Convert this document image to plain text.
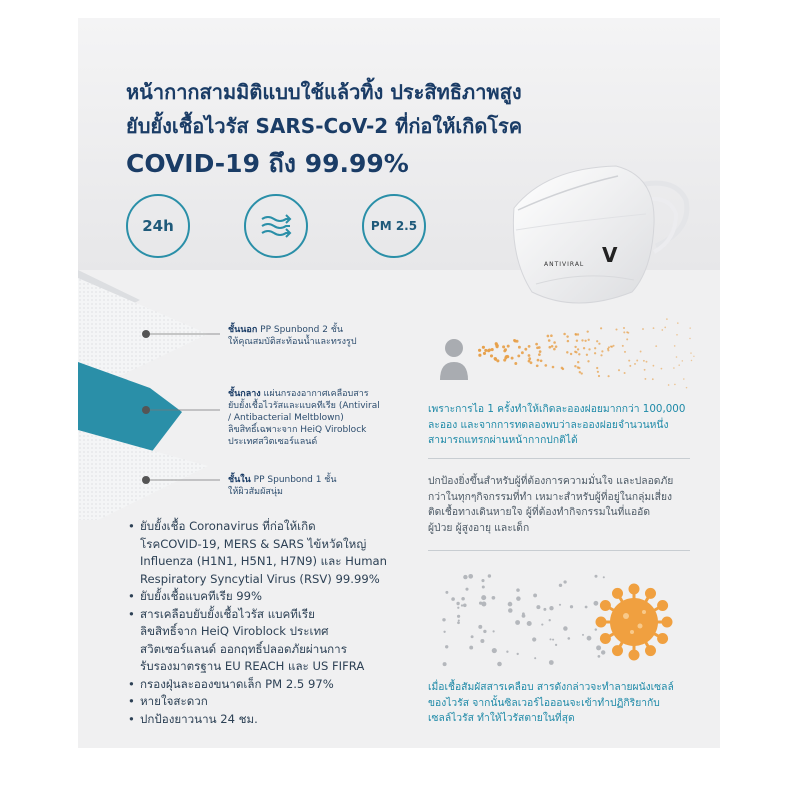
หน้ากากสามมิติแบบใช้แล้วทิ้ง ประสิทธิภาพสูง
ยับยั้งเชื้อไวรัส SARS-CoV-2 ที่ก่อให้เกิดโรค
COVID-19 ถึง 99.99%
24h	PM 2.5
ANTIVIRAL V
ชั้นนอก PP Spunbond 2 ชั้น
ให้คุณสมบัติสะท้อนน้ำและทรงรูป
ชั้นกลาง แผ่นกรองอากาศเคลือบสาร
ยับยั้งเชื้อไวรัสและแบคทีเรีย (Antiviral
/ Antibacterial Meltblown)
ลิขสิทธิ์เฉพาะจาก HeiQ Viroblock
ประเทศสวิตเซอร์แลนด์
ชั้นใน PP Spunbond 1 ชั้น
ให้ผิวสัมผัสนุ่ม
• ยับยั้งเชื้อ Coronavirus ที่ก่อให้เกิด
โรคCOVID-19, MERS & SARS ไข้หวัดใหญ่
Influenza (H1N1, H5N1, H7N9) และ Human
Respiratory Syncytial Virus (RSV) 99.99%
• ยับยั้งเชื้อแบคทีเรีย 99%
• สารเคลือบยับยั้งเชื้อไวรัส แบคทีเรีย
ลิขสิทธิ์จาก HeiQ Viroblock ประเทศ
สวิตเซอร์แลนด์ ออกฤทธิ์ปลอดภัยผ่านการ
รับรองมาตรฐาน EU REACH และ US FIFRA
• กรองฝุ่นละอองขนาดเล็ก PM 2.5 97%
• หายใจสะดวก
• ปกป้องยาวนาน 24 ชม.
เพราะการไอ 1 ครั้งทำให้เกิดละอองฝอยมากกว่า 100,000
ละออง และจากการทดลองพบว่าละอองฝอยจำนวนหนึ่ง
สามารถแทรกผ่านหน้ากากปกติได้
ปกป้องยิ่งขึ้นสำหรับผู้ที่ต้องการความมั่นใจ และปลอดภัย
กว่าในทุกๆกิจกรรมที่ทำ เหมาะสำหรับผู้ที่อยู่ในกลุ่มเสี่ยง
ติดเชื้อทางเดินหายใจ ผู้ที่ต้องทำกิจกรรมในที่แออัด
ผู้ป่วย ผู้สูงอายุ และเด็ก
เมื่อเชื้อสัมผัสสารเคลือบ สารดังกล่าวจะทำลายผนังเซลล์
ของไวรัส จากนั้นซิลเวอร์ไอออนจะเข้าทำปฏิกิริยากับ
เซลล์ไวรัส ทำให้ไวรัสตายในที่สุด
